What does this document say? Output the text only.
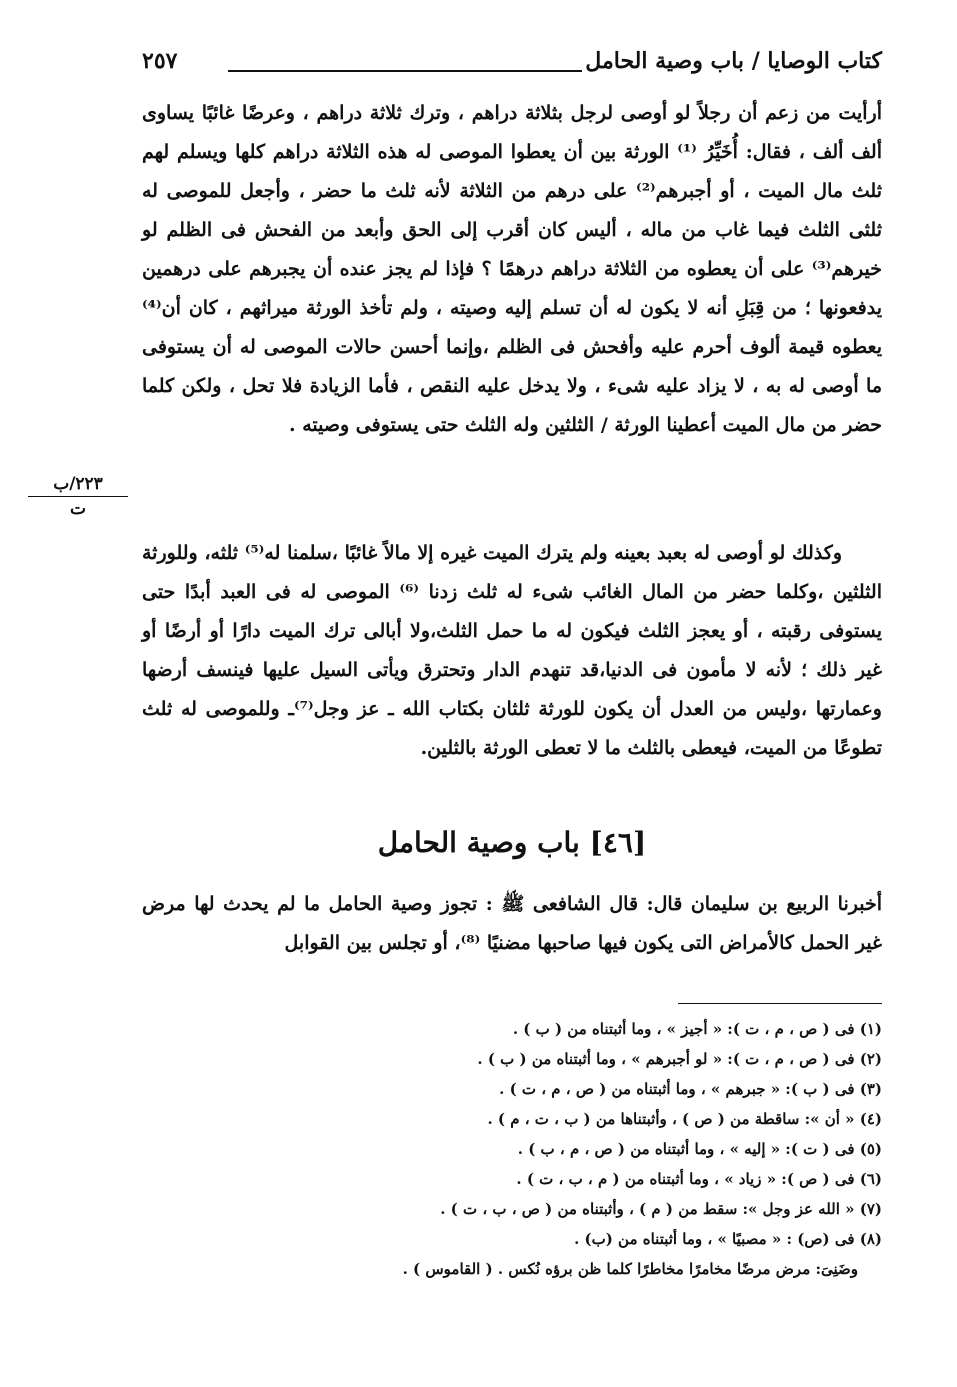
كتاب الوصايا / باب وصية الحامل
٢٥٧

أرأيت من زعم أن رجلاً لو أوصى لرجل بثلاثة دراهم ، وترك ثلاثة دراهم ، وعرضًا غائبًا يساوى ألف ألف ، فقال: أُخَيِّرُ ⁽¹⁾ الورثة بين أن يعطوا الموصى له هذه الثلاثة دراهم كلها ويسلم لهم ثلث مال الميت ، أو أجبرهم⁽²⁾ على درهم من الثلاثة لأنه ثلث ما حضر ، وأجعل للموصى له ثلثى الثلث فيما غاب من ماله ، أليس كان أقرب إلى الحق وأبعد من الفحش فى الظلم لو خيرهم⁽³⁾ على أن يعطوه من الثلاثة دراهم درهمًا ؟ فإذا لم يجز عنده أن يجبرهم على درهمين يدفعونها ؛ من قِبَلِ أنه لا يكون له أن تسلم إليه وصيته ، ولم تأخذ الورثة ميراثهم ، كان أن⁽⁴⁾ يعطوه قيمة ألوف أحرم عليه وأفحش فى الظلم ،وإنما أحسن حالات الموصى له أن يستوفى ما أوصى له به ، لا يزاد عليه شىء ، ولا يدخل عليه النقص ، فأما الزيادة فلا تحل ، ولكن كلما حضر من مال الميت أعطينا الورثة / الثلثين وله الثلث حتى يستوفى وصيته .

٢٢٣/ب
ت

وكذلك لو أوصى له بعبد بعينه ولم يترك الميت غيره إلا مالاً غائبًا ،سلمنا له⁽⁵⁾ ثلثه، وللورثة الثلثين ،وكلما حضر من المال الغائب شىء له ثلث زدنا ⁽⁶⁾ الموصى له فى العبد أبدًا حتى يستوفى رقبته ، أو يعجز الثلث فيكون له ما حمل الثلث،ولا أبالى ترك الميت دارًا أو أرضًا أو غير ذلك ؛ لأنه لا مأمون فى الدنيا،قد تنهدم الدار وتحترق ويأتى السيل عليها فينسف أرضها وعمارتها ،وليس من العدل أن يكون للورثة ثلثان بكتاب الله ـ عز وجل⁽⁷⁾ـ وللموصى له ثلث تطوعًا من الميت، فيعطى بالثلث ما لا تعطى الورثة بالثلين.

[٤٦] باب وصية الحامل

أخبرنا الربيع بن سليمان قال: قال الشافعى ﷺ : تجوز وصية الحامل ما لم يحدث لها مرض غير الحمل كالأمراض التى يكون فيها صاحبها مضنيًا ⁽⁸⁾، أو تجلس بين القوابل

(١) فى ( ص ، م ، ت ): « أجيز » ، وما أثبتناه من ( ب ) .
(٢) فى ( ص ، م ، ت ): « لو أجبرهم » ، وما أثبتناه من ( ب ) .
(٣) فى ( ب ): « جبرهم » ، وما أثبتناه من ( ص ، م ، ت ) .
(٤) « أن »: ساقطة من ( ص ) ، وأثبتناها من ( ب ، ت ، م ) .
(٥) فى ( ت ): « إليه » ، وما أثبتناه من ( ص ، م ، ب ) .
(٦) فى ( ص ): « زياد » ، وما أثبتناه من ( م ، ب ، ت ) .
(٧) « الله عز وجل »: سقط من ( م ) ، وأثبتناه من ( ص ، ب ، ت ) .
(٨) فى (ص) : « مصبيًا » ، وما أثبتناه من (ب) .
وضَنِىَ: مرض مرضًا مخامرًا مخاطرًا كلما ظن برؤه نُكس . ( القاموس ) .
